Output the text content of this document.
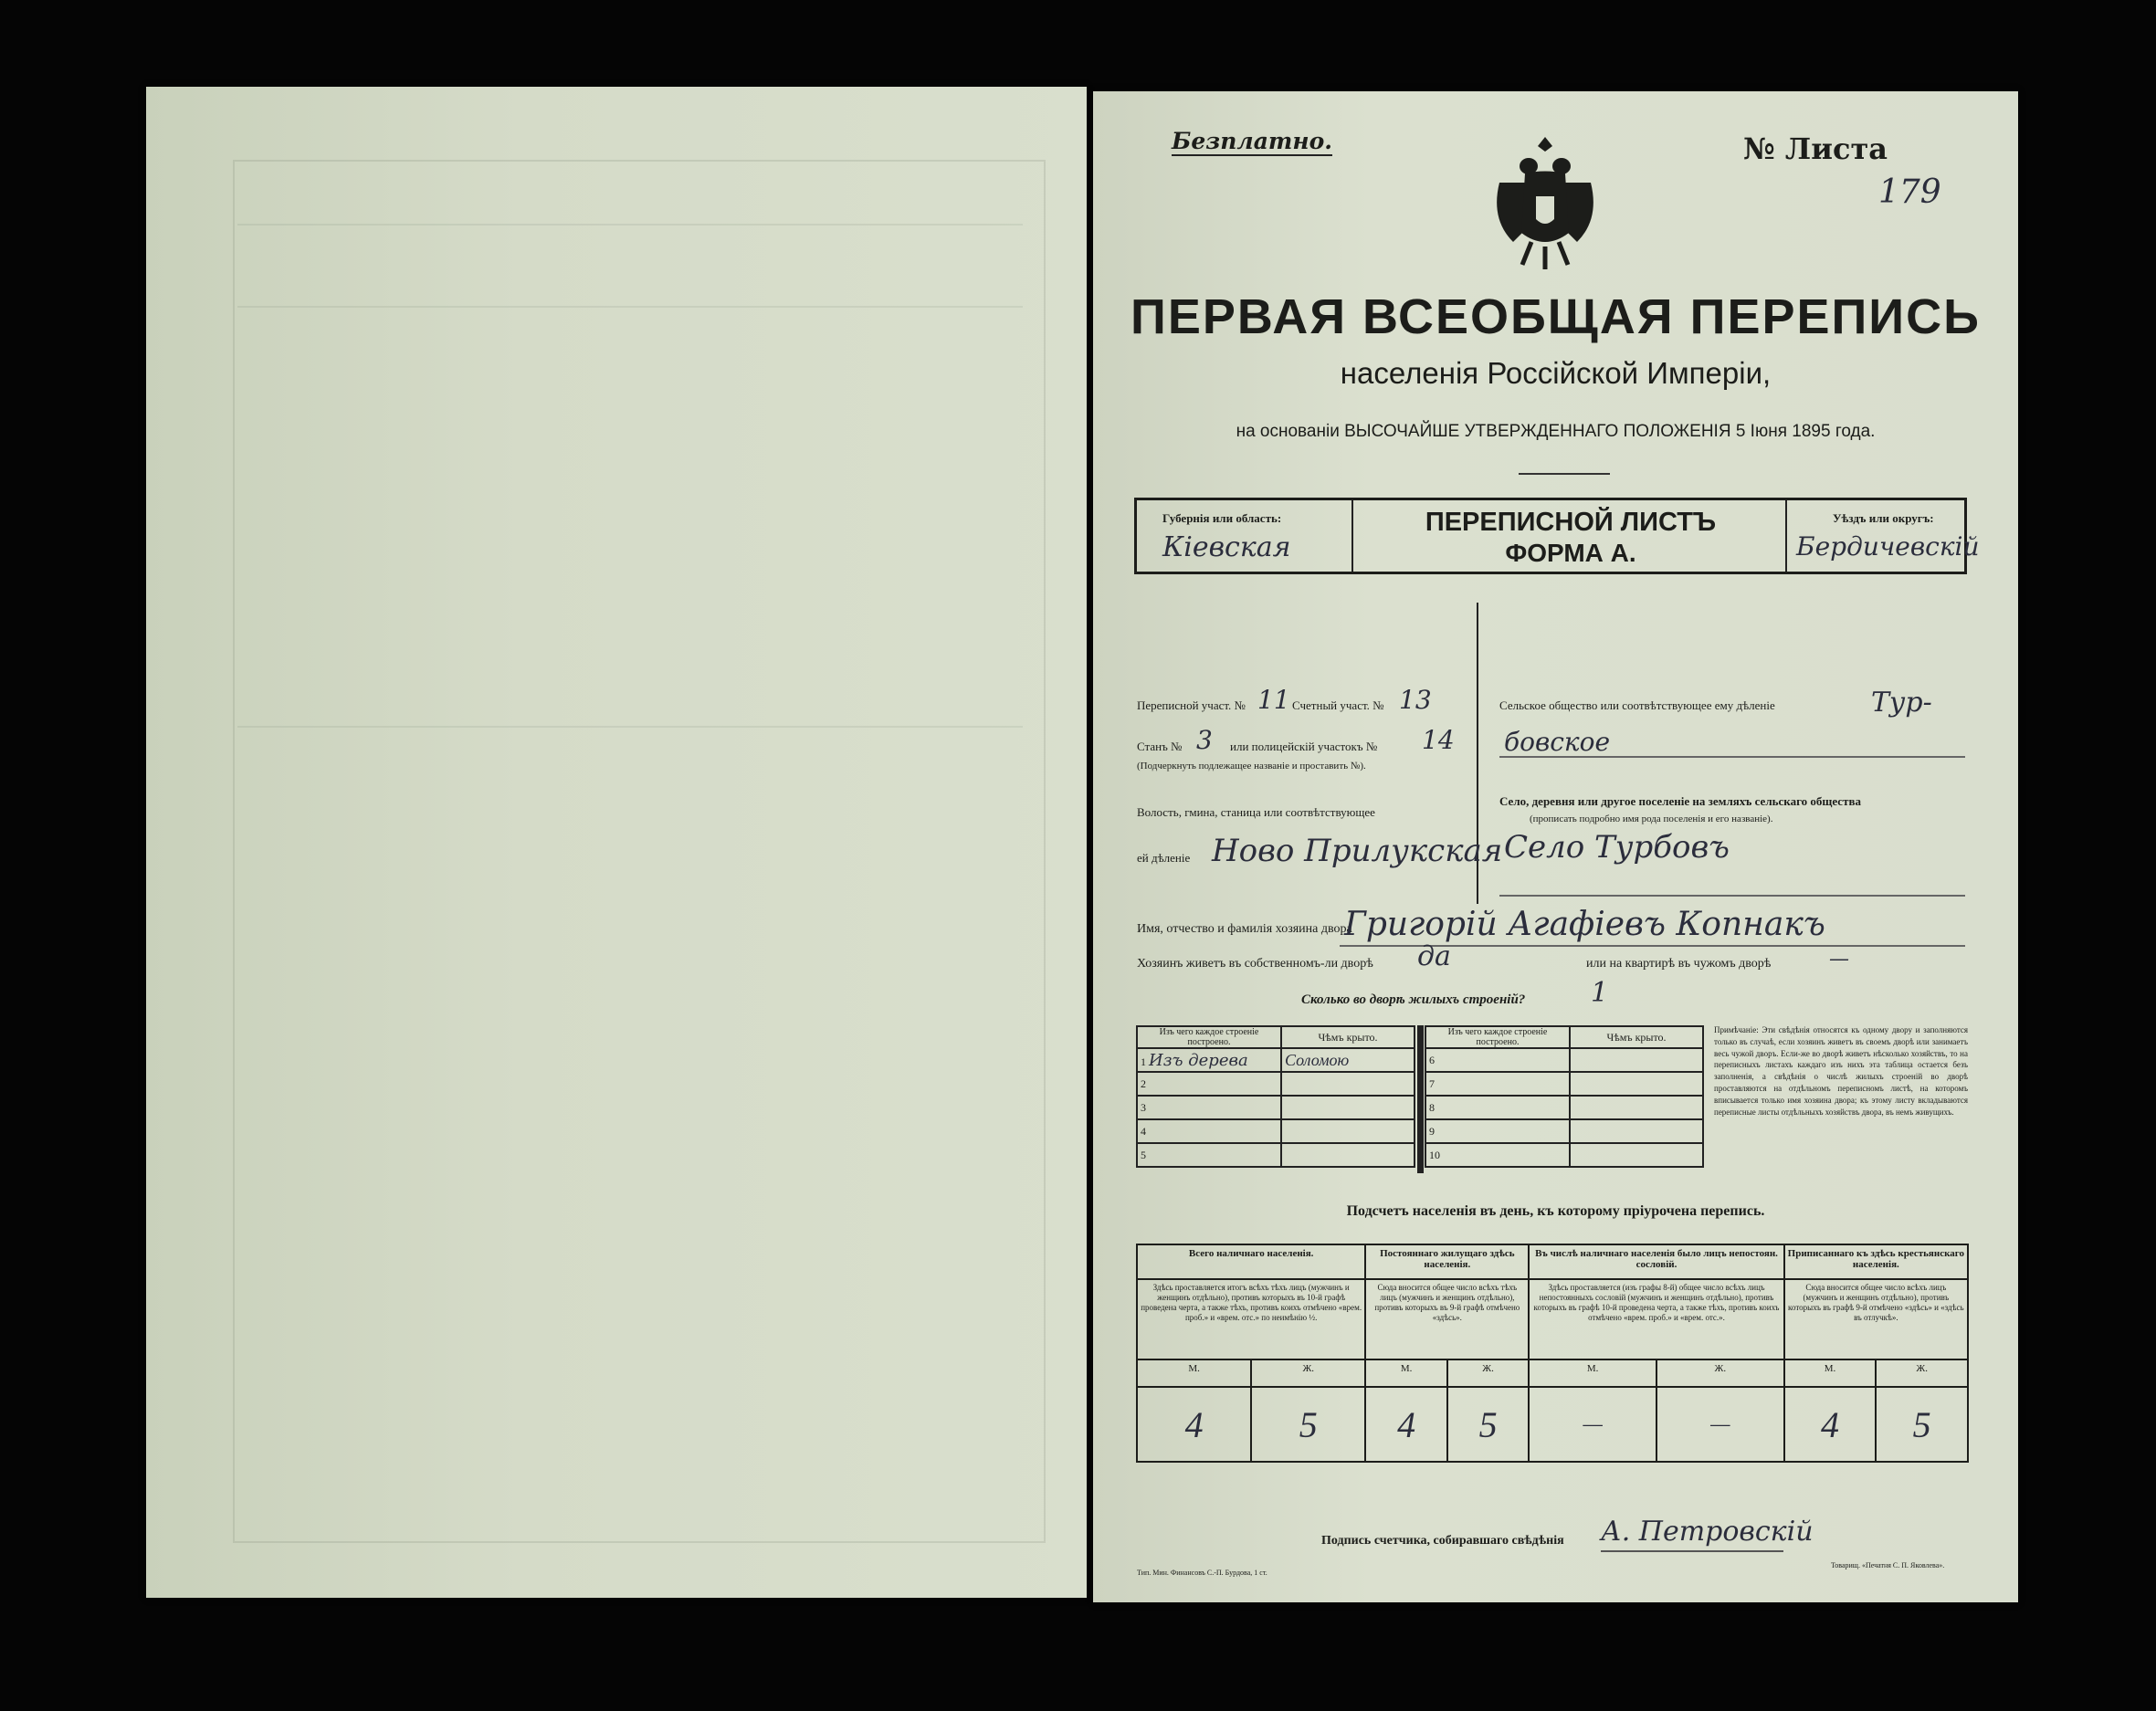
Безплатно.	№ Листа
179
ПЕРВАЯ ВСЕОБЩАЯ ПЕРЕПИСЬ
населенія Россійской Имперіи,
на основаніи ВЫСОЧАЙШЕ УТВЕРЖДЕННАГО ПОЛОЖЕНІЯ 5 Іюня 1895 года.
Губернія или область:
Кіевская
ПЕРЕПИСНОЙ ЛИСТЪ
ФОРМА А.
Уѣздъ или округъ:
Бердичевскій
Переписной участ. № 11 Счетный участ. № 13
Станъ № 3 или полицейскій участокъ № 14
(Подчеркнуть подлежащее названіе и проставить №).
Волость, гмина, станица или соотвѣтствующее
ей дѣленіе Ново Прилукская
Сельское общество или соотвѣтствующее ему дѣленіе	Тур-
бовское
Село, деревня или другое поселеніе на земляхъ сельскаго общества
(прописать подробно имя рода поселенія и его названіе).
Село Турбовъ
Имя, отчество и фамилія хозяина двора
Григорій Агафіевъ Копнакъ
Хозяинъ живетъ въ собственномъ-ли дворѣ да	или на квартирѣ въ чужомъ дворѣ	—
Сколько во дворѣ жилыхъ строеній? 1
Изъ чего каждое строеніе построено.	Чѣмъ крыто.
1 Изъ дерева	Соломою
2	
3	
4	
5	
Изъ чего каждое строеніе построено.	Чѣмъ крыто.
6	
7	
8	
9	
10	
Примѣчаніе: Эти свѣдѣнія относятся къ одному двору и заполняются только въ случаѣ, если хозяинъ живетъ въ своемъ дворѣ или занимаетъ весь чужой дворъ. Если-же во дворѣ живетъ нѣсколько хозяйствъ, то на переписныхъ листахъ каждаго изъ нихъ эта таблица остается безъ заполненія, а свѣдѣнія о числѣ жилыхъ строеній во дворѣ проставляются на отдѣльномъ переписномъ листѣ, на которомъ вписывается только имя хозяина двора; къ этому листу вкладываются переписные листы отдѣльныхъ хозяйствъ двора, въ немъ живущихъ.
Подсчетъ населенія въ день, къ которому пріурочена перепись.
Всего наличнаго населенія.		Постояннаго жилущаго здѣсь населенія.		Въ числѣ наличнаго населенія было лицъ непостоян. сословій.		Приписаннаго къ здѣсь крестьянскаго населенія.	
Здѣсь проставляется итогъ всѣхъ тѣхъ лицъ (мужчинъ и женщинъ отдѣльно), противъ которыхъ въ 10-й графѣ проведена черта, а также тѣхъ, противъ коихъ отмѣчено «врем. проб.» и «врем. отс.» по неимѣнію ½.		Сюда вносится общее число всѣхъ тѣхъ лицъ (мужчинъ и женщинъ отдѣльно), противъ которыхъ въ 9-й графѣ отмѣчено «здѣсь».		Здѣсь проставляется (изъ графы 8-й) общее число всѣхъ лицъ непостоянныхъ сословій (мужчинъ и женщинъ отдѣльно), противъ которыхъ въ графѣ 10-й проведена черта, а также тѣхъ, противъ коихъ отмѣчено «врем. проб.» и «врем. отс.».		Сюда вносится общее число всѣхъ лицъ (мужчинъ и женщинъ отдѣльно), противъ которыхъ въ графѣ 9-й отмѣчено «здѣсь» и «здѣсь въ отлучкѣ».	
М.	Ж.	М.	Ж.	М.	Ж.	М.	Ж.
4	5	4	5	—	—	4	5
Подпись счетчика, собиравшаго свѣдѣнія А. Петровскій
Тип. Мин. Финансовъ С.-П. Бурдова, 1 ст.
Товарищ. «Печатня С. П. Яковлева».
